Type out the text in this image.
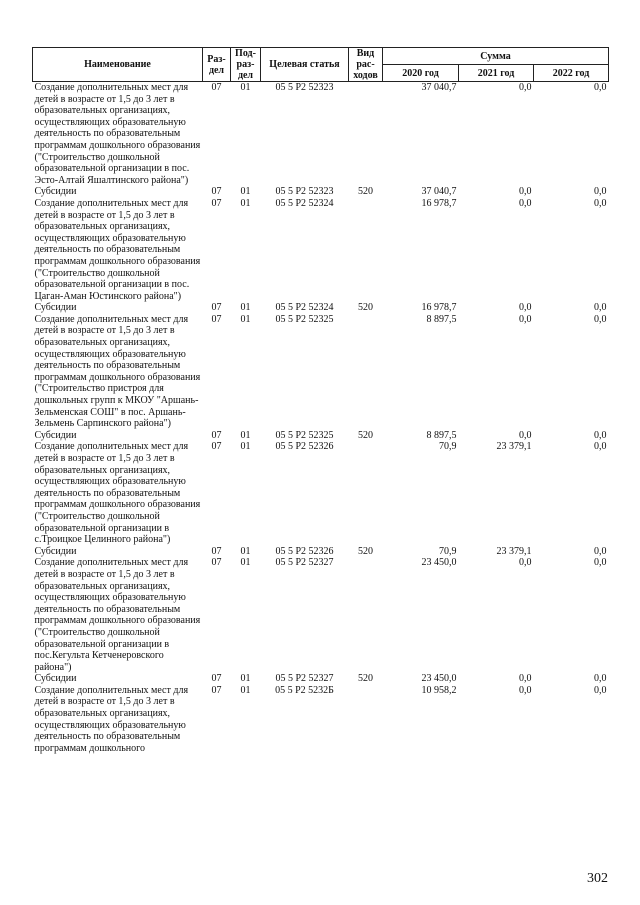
Наименование	Раз-дел	Под-раз-дел	Целевая статья	Вид рас-ходов	Сумма		
					2020 год	2021 год	2022 год
Создание дополнительных мест для детей в возрасте от 1,5 до 3 лет в образовательных организациях, осуществляющих образовательную деятельность по образовательным программам дошкольного образования ("Строительство дошкольной образовательной организации в пос. Эсто-Алтай Яшалтинского района")	07	01	05 5 P2 52323		37 040,7	0,0	0,0
Субсидии	07	01	05 5 P2 52323	520	37 040,7	0,0	0,0
Создание дополнительных мест для детей в возрасте от 1,5 до 3 лет в образовательных организациях, осуществляющих образовательную деятельность по образовательным программам дошкольного образования ("Строительство дошкольной образовательной организации в пос. Цаган-Аман Юстинского района")	07	01	05 5 P2 52324		16 978,7	0,0	0,0
Субсидии	07	01	05 5 P2 52324	520	16 978,7	0,0	0,0
Создание дополнительных мест для детей в возрасте от 1,5 до 3 лет в образовательных организациях, осуществляющих образовательную деятельность по образовательным программам дошкольного образования ("Строительство пристроя для дошкольных групп к МКОУ "Аршань-Зельменская СОШ" в пос. Аршань-Зельмень Сарпинского района")	07	01	05 5 P2 52325		8 897,5	0,0	0,0
Субсидии	07	01	05 5 P2 52325	520	8 897,5	0,0	0,0
Создание дополнительных мест для детей в возрасте от 1,5 до 3 лет в образовательных организациях, осуществляющих образовательную деятельность по образовательным программам дошкольного образования ("Строительство дошкольной образовательной организации в с.Троицкое Целинного района")	07	01	05 5 P2 52326		70,9	23 379,1	0,0
Субсидии	07	01	05 5 P2 52326	520	70,9	23 379,1	0,0
Создание дополнительных мест для детей в возрасте от 1,5 до 3 лет в образовательных организациях, осуществляющих образовательную деятельность по образовательным программам дошкольного образования ("Строительство дошкольной образовательной организации в пос.Кегульта Кетченеровского района")	07	01	05 5 P2 52327		23 450,0	0,0	0,0
Субсидии	07	01	05 5 P2 52327	520	23 450,0	0,0	0,0
Создание дополнительных мест для детей в возрасте от 1,5 до 3 лет в образовательных организациях, осуществляющих образовательную деятельность по образовательным программам дошкольного	07	01	05 5 P2 5232Б		10 958,2	0,0	0,0
302
